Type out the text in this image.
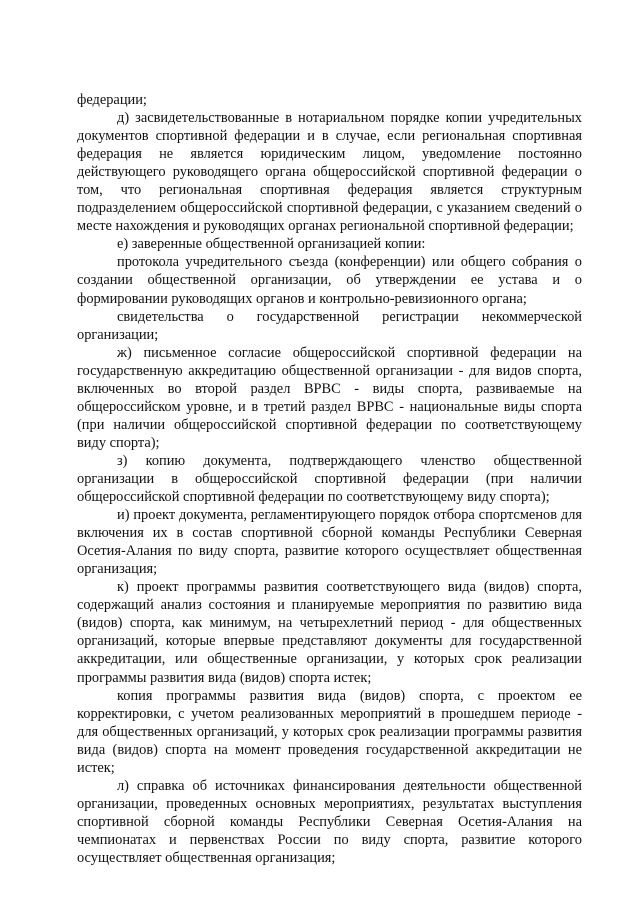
федерации;

д) засвидетельствованные в нотариальном порядке копии учредительных документов спортивной федерации и в случае, если региональная спортивная федерация не является юридическим лицом, уведомление постоянно действующего руководящего органа общероссийской спортивной федерации о том, что региональная спортивная федерация является структурным подразделением общероссийской спортивной федерации, с указанием сведений о месте нахождения и руководящих органах региональной спортивной федерации;

е) заверенные общественной организацией копии:

протокола учредительного съезда (конференции) или общего собрания о создании общественной организации, об утверждении ее устава и о формировании руководящих органов и контрольно-ревизионного органа;

свидетельства о государственной регистрации некоммерческой организации;

ж) письменное согласие общероссийской спортивной федерации на государственную аккредитацию общественной организации - для видов спорта, включенных во второй раздел ВРВС - виды спорта, развиваемые на общероссийском уровне, и в третий раздел ВРВС - национальные виды спорта (при наличии общероссийской спортивной федерации по соответствующему виду спорта);

з) копию документа, подтверждающего членство общественной организации в общероссийской спортивной федерации (при наличии общероссийской спортивной федерации по соответствующему виду спорта);

и) проект документа, регламентирующего порядок отбора спортсменов для включения их в состав спортивной сборной команды Республики Северная Осетия-Алания по виду спорта, развитие которого осуществляет общественная организация;

к) проект программы развития соответствующего вида (видов) спорта, содержащий анализ состояния и планируемые мероприятия по развитию вида (видов) спорта, как минимум, на четырехлетний период - для общественных организаций, которые впервые представляют документы для государственной аккредитации, или общественные организации, у которых срок реализации программы развития вида (видов) спорта истек;

копия программы развития вида (видов) спорта, с проектом ее корректировки, с учетом реализованных мероприятий в прошедшем периоде - для общественных организаций, у которых срок реализации программы развития вида (видов) спорта на момент проведения государственной аккредитации не истек;

л) справка об источниках финансирования деятельности общественной организации, проведенных основных мероприятиях, результатах выступления спортивной сборной команды Республики Северная Осетия-Алания на чемпионатах и первенствах России по виду спорта, развитие которого осуществляет общественная организация;
